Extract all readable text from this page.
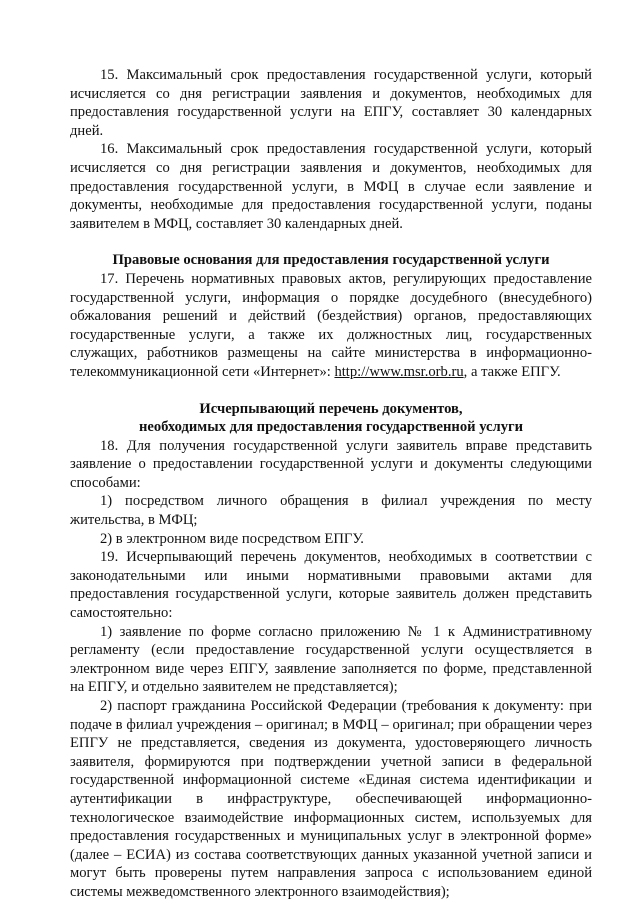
15. Максимальный срок предоставления государственной услуги, который исчисляется со дня регистрации заявления и документов, необходимых для предоставления государственной услуги на ЕПГУ, составляет 30 календарных дней.

16. Максимальный срок предоставления государственной услуги, который исчисляется со дня регистрации заявления и документов, необходимых для предоставления государственной услуги, в МФЦ в случае если заявление и документы, необходимые для предоставления государственной услуги, поданы заявителем в МФЦ, составляет 30 календарных дней.

Правовые основания для предоставления государственной услуги

17. Перечень нормативных правовых актов, регулирующих предоставление государственной услуги, информация о порядке досудебного (внесудебного) обжалования решений и действий (бездействия) органов, предоставляющих государственные услуги, а также их должностных лиц, государственных служащих, работников размещены на сайте министерства в информационно-телекоммуникационной сети «Интернет»: http://www.msr.orb.ru, а также ЕПГУ.

Исчерпывающий перечень документов,

необходимых для предоставления государственной услуги

18. Для получения государственной услуги заявитель вправе представить заявление о предоставлении государственной услуги и документы следующими способами:

1) посредством личного обращения в филиал учреждения по месту жительства, в МФЦ;

2) в электронном виде посредством ЕПГУ.

19. Исчерпывающий перечень документов, необходимых в соответствии с законодательными или иными нормативными правовыми актами для предоставления государственной услуги, которые заявитель должен представить самостоятельно:

1) заявление по форме согласно приложению № 1 к Административному регламенту (если предоставление государственной услуги осуществляется в электронном виде через ЕПГУ, заявление заполняется по форме, представленной на ЕПГУ, и отдельно заявителем не представляется);

2) паспорт гражданина Российской Федерации (требования к документу: при подаче в филиал учреждения – оригинал; в МФЦ – оригинал; при обращении через ЕПГУ не представляется, сведения из документа, удостоверяющего личность заявителя, формируются при подтверждении учетной записи в федеральной государственной информационной системе «Единая система идентификации и аутентификации в инфраструктуре, обеспечивающей информационно-технологическое взаимодействие информационных систем, используемых для предоставления государственных и муниципальных услуг в электронной форме» (далее – ЕСИА) из состава соответствующих данных указанной учетной записи и могут быть проверены путем направления запроса с использованием единой системы межведомственного электронного взаимодействия);
